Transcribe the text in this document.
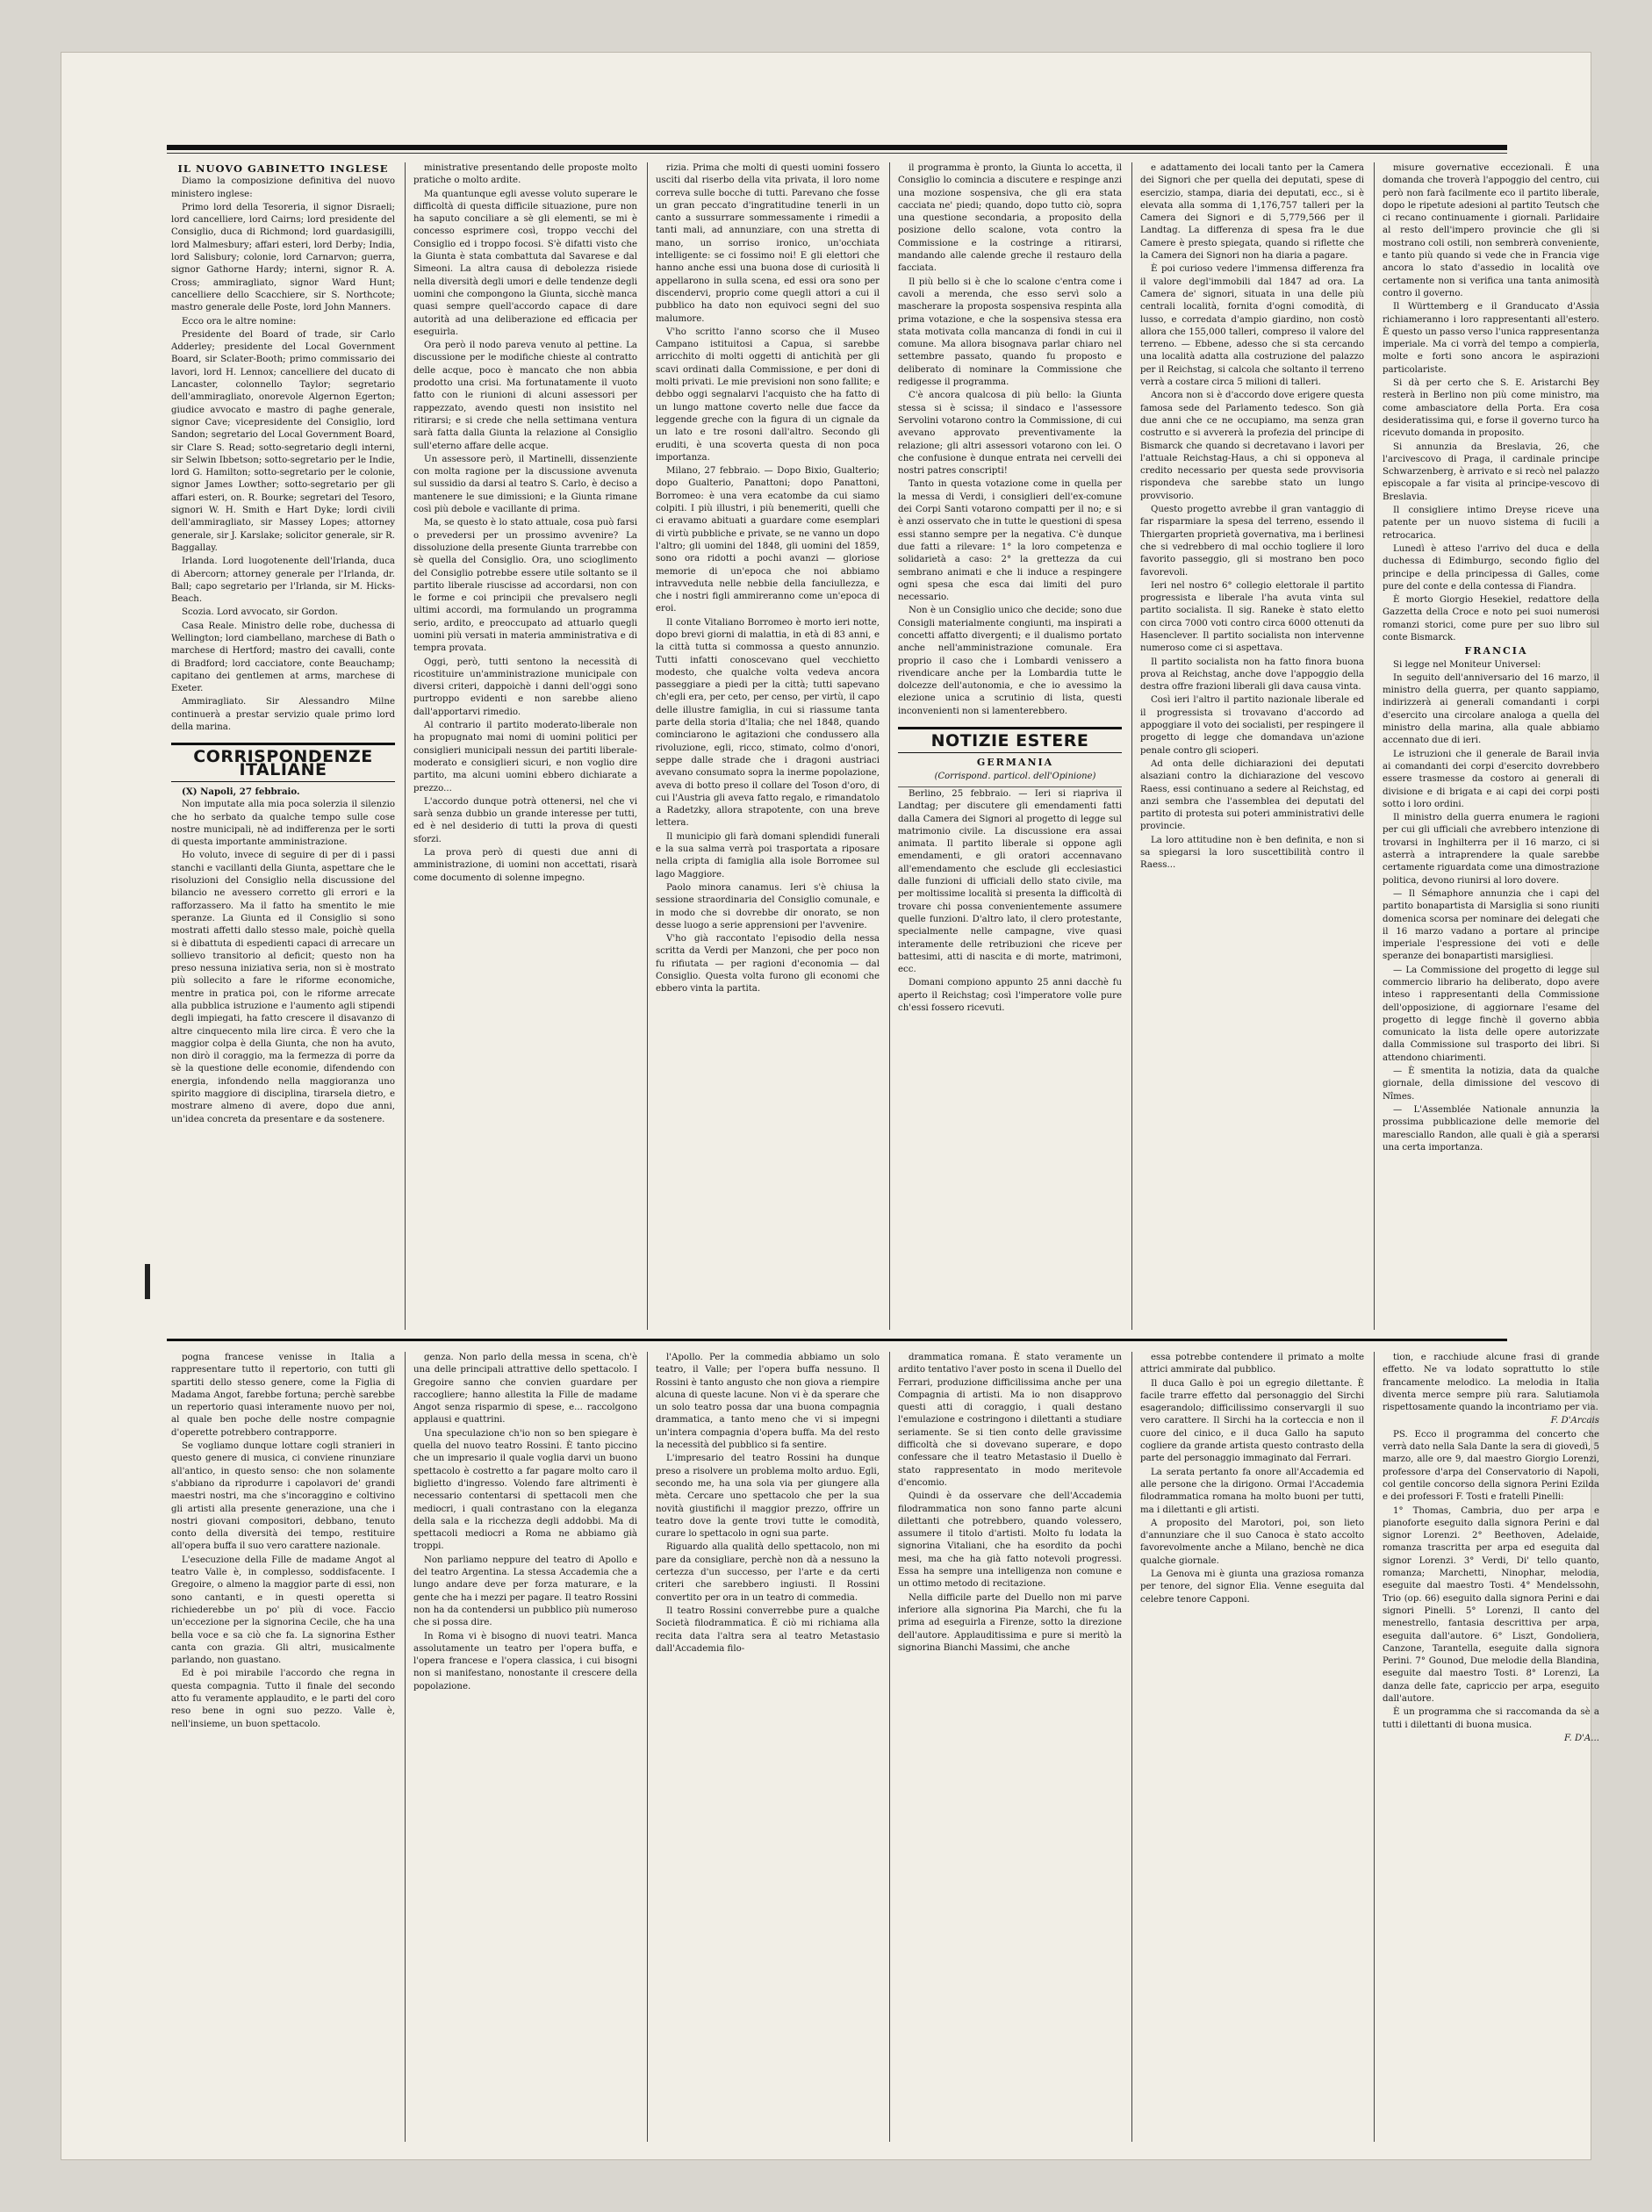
IL NUOVO GABINETTO INGLESE

Diamo la composizione definitiva del nuovo ministero inglese:

Primo lord della Tesoreria, il signor Disraeli; lord cancelliere, lord Cairns; lord presidente del Consiglio, duca di Richmond; lord guardasigilli, lord Malmesbury; affari esteri, lord Derby; India, lord Salisbury; colonie, lord Carnarvon; guerra, signor Gathorne Hardy; interni, signor R. A. Cross; ammiragliato, signor Ward Hunt; cancelliere dello Scacchiere, sir S. Northcote; mastro generale delle Poste, lord John Manners.

Ecco ora le altre nomine:

Presidente del Board of trade, sir Carlo Adderley; presidente del Local Government Board, sir Sclater-Booth; primo commissario dei lavori, lord H. Lennox; cancelliere del ducato di Lancaster, colonnello Taylor; segretario dell'ammiragliato, onorevole Algernon Egerton; giudice avvocato e mastro di paghe generale, signor Cave; vicepresidente del Consiglio, lord Sandon; segretario del Local Government Board, sir Clare S. Read; sotto-segretario degli interni, sir Selwin Ibbetson; sotto-segretario per le Indie, lord G. Hamilton; sotto-segretario per le colonie, signor James Lowther; sotto-segretario per gli affari esteri, on. R. Bourke; segretari del Tesoro, signori W. H. Smith e Hart Dyke; lordi civili dell'ammiragliato, sir Massey Lopes; attorney generale, sir J. Karslake; solicitor generale, sir R. Baggallay.

Irlanda. Lord luogotenente dell'Irlanda, duca di Abercorn; attorney generale per l'Irlanda, dr. Ball; capo segretario per l'Irlanda, sir M. Hicks-Beach.

Scozia. Lord avvocato, sir Gordon.

Casa Reale. Ministro delle robe, duchessa di Wellington; lord ciambellano, marchese di Bath o marchese di Hertford; mastro dei cavalli, conte di Bradford; lord cacciatore, conte Beauchamp; capitano dei gentlemen at arms, marchese di Exeter.

Ammiragliato. Sir Alessandro Milne continuerà a prestar servizio quale primo lord della marina.

CORRISPONDENZE ITALIANE

(X) Napoli, 27 febbraio.

Non imputate alla mia poca solerzia il silenzio che ho serbato da qualche tempo sulle cose nostre municipali, nè ad indifferenza per le sorti di questa importante amministrazione.

Ho voluto, invece di seguire di per di i passi stanchi e vacillanti della Giunta, aspettare che le risoluzioni del Consiglio nella discussione del bilancio ne avessero corretto gli errori e la rafforzassero. Ma il fatto ha smentito le mie speranze. La Giunta ed il Consiglio si sono mostrati affetti dallo stesso male, poichè quella si è dibattuta di espedienti capaci di arrecare un sollievo transitorio al deficit; questo non ha preso nessuna iniziativa seria, non si è mostrato più sollecito a fare le riforme economiche, mentre in pratica poi, con le riforme arrecate alla pubblica istruzione e l'aumento agli stipendi degli impiegati, ha fatto crescere il disavanzo di altre cinquecento mila lire circa. È vero che la maggior colpa è della Giunta, che non ha avuto, non dirò il coraggio, ma la fermezza di porre da sè la questione delle economie, difendendo con energia, infondendo nella maggioranza uno spirito maggiore di disciplina, tirarsela dietro, e mostrare almeno di avere, dopo due anni, un'idea concreta da presentare e da sostenere.

ministrative presentando delle proposte molto pratiche o molto ardite.

Ma quantunque egli avesse voluto superare le difficoltà di questa difficile situazione, pure non ha saputo conciliare a sè gli elementi, se mi è concesso esprimere così, troppo vecchi del Consiglio ed i troppo focosi. S'è difatti visto che la Giunta è stata combattuta dal Savarese e dal Simeoni. La altra causa di debolezza risiede nella diversità degli umori e delle tendenze degli uomini che compongono la Giunta, sicchè manca quasi sempre quell'accordo capace di dare autorità ad una deliberazione ed efficacia per eseguirla.

Ora però il nodo pareva venuto al pettine. La discussione per le modifiche chieste al contratto delle acque, poco è mancato che non abbia prodotto una crisi. Ma fortunatamente il vuoto fatto con le riunioni di alcuni assessori per rappezzato, avendo questi non insistito nel ritirarsi; e si crede che nella settimana ventura sarà fatta dalla Giunta la relazione al Consiglio sull'eterno affare delle acque.

Un assessore però, il Martinelli, dissenziente con molta ragione per la discussione avvenuta sul sussidio da darsi al teatro S. Carlo, è deciso a mantenere le sue dimissioni; e la Giunta rimane così più debole e vacillante di prima.

Ma, se questo è lo stato attuale, cosa può farsi o prevedersi per un prossimo avvenire? La dissoluzione della presente Giunta trarrebbe con sè quella del Consiglio. Ora, uno scioglimento del Consiglio potrebbe essere utile soltanto se il partito liberale riuscisse ad accordarsi, non con le forme e coi principii che prevalsero negli ultimi accordi, ma formulando un programma serio, ardito, e preoccupato ad attuarlo quegli uomini più versati in materia amministrativa e di tempra provata.

Oggi, però, tutti sentono la necessità di ricostituire un'amministrazione municipale con diversi criteri, dappoichè i danni dell'oggi sono purtroppo evidenti e non sarebbe alieno dall'apportarvi rimedio.

Al contrario il partito moderato-liberale non ha propugnato mai nomi di uomini politici per consiglieri municipali nessun dei partiti liberale-moderato e consiglieri sicuri, e non voglio dire partito, ma alcuni uomini ebbero dichiarate a prezzo...

L'accordo dunque potrà ottenersi, nel che vi sarà senza dubbio un grande interesse per tutti, ed è nel desiderio di tutti la prova di questi sforzi.

La prova però di questi due anni di amministrazione, di uomini non accettati, risarà come documento di solenne impegno.

rizia. Prima che molti di questi uomini fossero usciti dal riserbo della vita privata, il loro nome correva sulle bocche di tutti. Parevano che fosse un gran peccato d'ingratitudine tenerli in un canto a sussurrare sommessamente i rimedii a tanti mali, ad annunziare, con una stretta di mano, un sorriso ironico, un'occhiata intelligente: se ci fossimo noi! E gli elettori che hanno anche essi una buona dose di curiosità li appellarono in sulla scena, ed essi ora sono per discendervi, proprio come quegli attori a cui il pubblico ha dato non equivoci segni del suo malumore.

V'ho scritto l'anno scorso che il Museo Campano istituitosi a Capua, si sarebbe arricchito di molti oggetti di antichità per gli scavi ordinati dalla Commissione, e per doni di molti privati. Le mie previsioni non sono fallite; e debbo oggi segnalarvi l'acquisto che ha fatto di un lungo mattone coverto nelle due facce da leggende greche con la figura di un cignale da un lato e tre rosoni dall'altro. Secondo gli eruditi, è una scoverta questa di non poca importanza.

Milano, 27 febbraio. — Dopo Bixio, Gualterio; dopo Gualterio, Panattoni; dopo Panattoni, Borromeo: è una vera ecatombe da cui siamo colpiti. I più illustri, i più benemeriti, quelli che ci eravamo abituati a guardare come esemplari di virtù pubbliche e private, se ne vanno un dopo l'altro; gli uomini del 1848, gli uomini del 1859, sono ora ridotti a pochi avanzi — gloriose memorie di un'epoca che noi abbiamo intravveduta nelle nebbie della fanciullezza, e che i nostri figli ammireranno come un'epoca di eroi.

Il conte Vitaliano Borromeo è morto ieri notte, dopo brevi giorni di malattia, in età di 83 anni, e la città tutta si commossa a questo annunzio. Tutti infatti conoscevano quel vecchietto modesto, che qualche volta vedeva ancora passeggiare a piedi per la città; tutti sapevano ch'egli era, per ceto, per censo, per virtù, il capo delle illustre famiglia, in cui si riassume tanta parte della storia d'Italia; che nel 1848, quando cominciarono le agitazioni che condussero alla rivoluzione, egli, ricco, stimato, colmo d'onori, seppe dalle strade che i dragoni austriaci avevano consumato sopra la inerme popolazione, aveva di botto preso il collare del Toson d'oro, di cui l'Austria gli aveva fatto regalo, e rimandatolo a Radetzky, allora strapotente, con una breve lettera.

Il municipio gli farà domani splendidi funerali e la sua salma verrà poi trasportata a riposare nella cripta di famiglia alla isole Borromee sul lago Maggiore.

Paolo minora canamus. Ieri s'è chiusa la sessione straordinaria del Consiglio comunale, e in modo che si dovrebbe dir onorato, se non desse luogo a serie apprensioni per l'avvenire.

V'ho già raccontato l'episodio della nessa scritta da Verdi per Manzoni, che per poco non fu rifiutata — per ragioni d'economia — dal Consiglio. Questa volta furono gli economi che ebbero vinta la partita.

il programma è pronto, la Giunta lo accetta, il Consiglio lo comincia a discutere e respinge anzi una mozione sospensiva, che gli era stata cacciata ne' piedi; quando, dopo tutto ciò, sopra una questione secondaria, a proposito della posizione dello scalone, vota contro la Commissione e la costringe a ritirarsi, mandando alle calende greche il restauro della facciata.

Il più bello si è che lo scalone c'entra come i cavoli a merenda, che esso servì solo a mascherare la proposta sospensiva respinta alla prima votazione, e che la sospensiva stessa era stata motivata colla mancanza di fondi in cui il comune. Ma allora bisognava parlar chiaro nel settembre passato, quando fu proposto e deliberato di nominare la Commissione che redigesse il programma.

C'è ancora qualcosa di più bello: la Giunta stessa si è scissa; il sindaco e l'assessore Servolini votarono contro la Commissione, di cui avevano approvato preventivamente la relazione; gli altri assessori votarono con lei. O che confusione è dunque entrata nei cervelli dei nostri patres conscripti!

Tanto in questa votazione come in quella per la messa di Verdi, i consiglieri dell'ex-comune dei Corpi Santi votarono compatti per il no; e si è anzi osservato che in tutte le questioni di spesa essi stanno sempre per la negativa. C'è dunque due fatti a rilevare: 1° la loro competenza e solidarietà a caso: 2° la grettezza da cui sembrano animati e che li induce a respingere ogni spesa che esca dai limiti del puro necessario.

Non è un Consiglio unico che decide; sono due Consigli materialmente congiunti, ma inspirati a concetti affatto divergenti; e il dualismo portato anche nell'amministrazione comunale. Era proprio il caso che i Lombardi venissero a rivendicare anche per la Lombardia tutte le dolcezze dell'autonomia, e che io avessimo la elezione unica a scrutinio di lista, questi inconvenienti non si lamenterebbero.

NOTIZIE ESTERE

GERMANIA

(Corrispond. particol. dell'Opinione)

Berlino, 25 febbraio. — Ieri si riapriva il Landtag; per discutere gli emendamenti fatti dalla Camera dei Signori al progetto di legge sul matrimonio civile. La discussione era assai animata. Il partito liberale si oppone agli emendamenti, e gli oratori accennavano all'emendamento che esclude gli ecclesiastici dalle funzioni di ufficiali dello stato civile, ma per moltissime località si presenta la difficoltà di trovare chi possa convenientemente assumere quelle funzioni. D'altro lato, il clero protestante, specialmente nelle campagne, vive quasi interamente delle retribuzioni che riceve per battesimi, atti di nascita e di morte, matrimoni, ecc.

Domani compiono appunto 25 anni dacchè fu aperto il Reichstag; così l'imperatore volle pure ch'essi fossero ricevuti.

e adattamento dei locali tanto per la Camera dei Signori che per quella dei deputati, spese di esercizio, stampa, diaria dei deputati, ecc., si è elevata alla somma di 1,176,757 talleri per la Camera dei Signori e di 5,779,566 per il Landtag. La differenza di spesa fra le due Camere è presto spiegata, quando si riflette che la Camera dei Signori non ha diaria a pagare.

È poi curioso vedere l'immensa differenza fra il valore degl'immobili dal 1847 ad ora. La Camera de' signori, situata in una delle più centrali località, fornita d'ogni comodità, di lusso, e corredata d'ampio giardino, non costò allora che 155,000 talleri, compreso il valore del terreno. — Ebbene, adesso che si sta cercando una località adatta alla costruzione del palazzo per il Reichstag, si calcola che soltanto il terreno verrà a costare circa 5 milioni di talleri.

Ancora non si è d'accordo dove erigere questa famosa sede del Parlamento tedesco. Son già due anni che ce ne occupiamo, ma senza gran costrutto e si avvererà la profezia del principe di Bismarck che quando si decretavano i lavori per l'attuale Reichstag-Haus, a chi si opponeva al credito necessario per questa sede provvisoria rispondeva che sarebbe stato un lungo provvisorio.

Questo progetto avrebbe il gran vantaggio di far risparmiare la spesa del terreno, essendo il Thiergarten proprietà governativa, ma i berlinesi che si vedrebbero di mal occhio togliere il loro favorito passeggio, gli si mostrano ben poco favorevoli.

Ieri nel nostro 6° collegio elettorale il partito progressista e liberale l'ha avuta vinta sul partito socialista. Il sig. Raneke è stato eletto con circa 7000 voti contro circa 6000 ottenuti da Hasenclever. Il partito socialista non intervenne numeroso come ci si aspettava.

Il partito socialista non ha fatto finora buona prova al Reichstag, anche dove l'appoggio della destra offre frazioni liberali gli dava causa vinta.

Così ieri l'altro il partito nazionale liberale ed il progressista si trovavano d'accordo ad appoggiare il voto dei socialisti, per respingere il progetto di legge che domandava un'azione penale contro gli scioperi.

Ad onta delle dichiarazioni dei deputati alsaziani contro la dichiarazione del vescovo Raess, essi continuano a sedere al Reichstag, ed anzi sembra che l'assemblea dei deputati del partito di protesta sui poteri amministrativi delle provincie.

La loro attitudine non è ben definita, e non si sa spiegarsi la loro suscettibilità contro il Raess...

misure governative eccezionali. È una domanda che troverà l'appoggio del centro, cui però non farà facilmente eco il partito liberale, dopo le ripetute adesioni al partito Teutsch che ci recano continuamente i giornali. Parlidaire al resto dell'impero provincie che gli si mostrano coli ostili, non sembrerà conveniente, e tanto più quando si vede che in Francia vige ancora lo stato d'assedio in località ove certamente non si verifica una tanta animosità contro il governo.

Il Württemberg e il Granducato d'Assia richiameranno i loro rappresentanti all'estero. È questo un passo verso l'unica rappresentanza imperiale. Ma ci vorrà del tempo a compierla, molte e forti sono ancora le aspirazioni particolariste.

Si dà per certo che S. E. Aristarchi Bey resterà in Berlino non più come ministro, ma come ambasciatore della Porta. Era cosa desideratissima qui, e forse il governo turco ha ricevuto domanda in proposito.

Si annunzia da Breslavia, 26, che l'arcivescovo di Praga, il cardinale principe Schwarzenberg, è arrivato e si recò nel palazzo episcopale a far visita al principe-vescovo di Breslavia.

Il consigliere intimo Dreyse riceve una patente per un nuovo sistema di fucili a retrocarica.

Lunedì è atteso l'arrivo del duca e della duchessa di Edimburgo, secondo figlio del principe e della principessa di Galles, come pure del conte e della contessa di Fiandra.

È morto Giorgio Hesekiel, redattore della Gazzetta della Croce e noto pei suoi numerosi romanzi storici, come pure per suo libro sul conte Bismarck.

FRANCIA

Si legge nel Moniteur Universel:

In seguito dell'anniversario del 16 marzo, il ministro della guerra, per quanto sappiamo, indirizzerà ai generali comandanti i corpi d'esercito una circolare analoga a quella del ministro della marina, alla quale abbiamo accennato due di ieri.

Le istruzioni che il generale de Barail invia ai comandanti dei corpi d'esercito dovrebbero essere trasmesse da costoro ai generali di divisione e di brigata e ai capi dei corpi posti sotto i loro ordini.

Il ministro della guerra enumera le ragioni per cui gli ufficiali che avrebbero intenzione di trovarsi in Inghilterra per il 16 marzo, ci si asterrà a intraprendere la quale sarebbe certamente riguardata come una dimostrazione politica, devono riunirsi al loro dovere.

— Il Sémaphore annunzia che i capi del partito bonapartista di Marsiglia si sono riuniti domenica scorsa per nominare dei delegati che il 16 marzo vadano a portare al principe imperiale l'espressione dei voti e delle speranze dei bonapartisti marsigliesi.

— La Commissione del progetto di legge sul commercio librario ha deliberato, dopo avere inteso i rappresentanti della Commissione dell'opposizione, di aggiornare l'esame del progetto di legge finchè il governo abbia comunicato la lista delle opere autorizzate dalla Commissione sul trasporto dei libri. Si attendono chiarimenti.

— È smentita la notizia, data da qualche giornale, della dimissione del vescovo di Nîmes.

— L'Assemblée Nationale annunzia la prossima pubblicazione delle memorie del maresciallo Randon, alle quali è già a sperarsi una certa importanza.

pogna francese venisse in Italia a rappresentare tutto il repertorio, con tutti gli spartiti dello stesso genere, come la Figlia di Madama Angot, farebbe fortuna; perchè sarebbe un repertorio quasi interamente nuovo per noi, al quale ben poche delle nostre compagnie d'operette potrebbero contrapporre.

Se vogliamo dunque lottare cogli stranieri in questo genere di musica, ci conviene rinunziare all'antico, in questo senso: che non solamente s'abbiano da riprodurre i capolavori de' grandi maestri nostri, ma che s'incoraggino e coltivino gli artisti alla presente generazione, una che i nostri giovani compositori, debbano, tenuto conto della diversità dei tempo, restituire all'opera buffa il suo vero carattere nazionale.

L'esecuzione della Fille de madame Angot al teatro Valle è, in complesso, soddisfacente. I Gregoire, o almeno la maggior parte di essi, non sono cantanti, e in questi operetta si richiederebbe un po' più di voce. Faccio un'eccezione per la signorina Cecile, che ha una bella voce e sa ciò che fa. La signorina Esther canta con grazia. Gli altri, musicalmente parlando, non guastano.

Ed è poi mirabile l'accordo che regna in questa compagnia. Tutto il finale del secondo atto fu veramente applaudito, e le parti del coro reso bene in ogni suo pezzo. Valle è, nell'insieme, un buon spettacolo.

genza. Non parlo della messa in scena, ch'è una delle principali attrattive dello spettacolo. I Gregoire sanno che convien guardare per raccogliere; hanno allestita la Fille de madame Angot senza risparmio di spese, e... raccolgono applausi e quattrini.

Una speculazione ch'io non so ben spiegare è quella del nuovo teatro Rossini. È tanto piccino che un impresario il quale voglia darvi un buono spettacolo è costretto a far pagare molto caro il biglietto d'ingresso. Volendo fare altrimenti è necessario contentarsi di spettacoli men che mediocri, i quali contrastano con la eleganza della sala e la ricchezza degli addobbi. Ma di spettacoli mediocri a Roma ne abbiamo già troppi.

Non parliamo neppure del teatro di Apollo e del teatro Argentina. La stessa Accademia che a lungo andare deve per forza maturare, e la gente che ha i mezzi per pagare. Il teatro Rossini non ha da contendersi un pubblico più numeroso che si possa dire.

In Roma vi è bisogno di nuovi teatri. Manca assolutamente un teatro per l'opera buffa, e l'opera francese e l'opera classica, i cui bisogni non si manifestano, nonostante il crescere della popolazione.

l'Apollo. Per la commedia abbiamo un solo teatro, il Valle; per l'opera buffa nessuno. Il Rossini è tanto angusto che non giova a riempire alcuna di queste lacune. Non vi è da sperare che un solo teatro possa dar una buona compagnia drammatica, a tanto meno che vi si impegni un'intera compagnia d'opera buffa. Ma del resto la necessità del pubblico si fa sentire.

L'impresario del teatro Rossini ha dunque preso a risolvere un problema molto arduo. Egli, secondo me, ha una sola via per giungere alla mèta. Cercare uno spettacolo che per la sua novità giustifichi il maggior prezzo, offrire un teatro dove la gente trovi tutte le comodità, curare lo spettacolo in ogni sua parte.

Riguardo alla qualità dello spettacolo, non mi pare da consigliare, perchè non dà a nessuno la certezza d'un successo, per l'arte e da certi criteri che sarebbero ingiusti. Il Rossini convertito per ora in un teatro di commedia.

Il teatro Rossini converrebbe pure a qualche Società filodrammatica. È ciò mi richiama alla recita data l'altra sera al teatro Metastasio dall'Accademia filo-

drammatica romana. È stato veramente un ardito tentativo l'aver posto in scena il Duello del Ferrari, produzione difficilissima anche per una Compagnia di artisti. Ma io non disapprovo questi atti di coraggio, i quali destano l'emulazione e costringono i dilettanti a studiare seriamente. Se si tien conto delle gravissime difficoltà che si dovevano superare, e dopo confessare che il teatro Metastasio il Duello è stato rappresentato in modo meritevole d'encomio.

Quindi è da osservare che dell'Accademia filodrammatica non sono fanno parte alcuni dilettanti che potrebbero, quando volessero, assumere il titolo d'artisti. Molto fu lodata la signorina Vitaliani, che ha esordito da pochi mesi, ma che ha già fatto notevoli progressi. Essa ha sempre una intelligenza non comune e un ottimo metodo di recitazione.

Nella difficile parte del Duello non mi parve inferiore alla signorina Pia Marchi, che fu la prima ad eseguirla a Firenze, sotto la direzione dell'autore. Applauditissima e pure si meritò la signorina Bianchi Massimi, che anche

essa potrebbe contendere il primato a molte attrici ammirate dal pubblico.

Il duca Gallo è poi un egregio dilettante. È facile trarre effetto dal personaggio del Sirchi esagerandolo; difficilissimo conservargli il suo vero carattere. Il Sirchi ha la corteccia e non il cuore del cinico, e il duca Gallo ha saputo cogliere da grande artista questo contrasto della parte del personaggio immaginato dal Ferrari.

La serata pertanto fa onore all'Accademia ed alle persone che la dirigono. Ormai l'Accademia filodrammatica romana ha molto buoni per tutti, ma i dilettanti e gli artisti.

A proposito del Marotori, poi, son lieto d'annunziare che il suo Canoca è stato accolto favorevolmente anche a Milano, benchè ne dica qualche giornale.

La Genova mi è giunta una graziosa romanza per tenore, del signor Elia. Venne eseguita dal celebre tenore Capponi.

tion, e racchiude alcune frasi di grande effetto. Ne va lodato soprattutto lo stile francamente melodico. La melodia in Italia diventa merce sempre più rara. Salutiamola rispettosamente quando la incontriamo per via.

F. D'Arcais

PS. Ecco il programma del concerto che verrà dato nella Sala Dante la sera di giovedì, 5 marzo, alle ore 9, dal maestro Giorgio Lorenzi, professore d'arpa del Conservatorio di Napoli, col gentile concorso della signora Perini Ezilda e dei professori F. Tosti e fratelli Pinelli:

1° Thomas, Cambria, duo per arpa e pianoforte eseguito dalla signora Perini e dal signor Lorenzi. 2° Beethoven, Adelaide, romanza trascritta per arpa ed eseguita dal signor Lorenzi. 3° Verdi, Di' tello quanto, romanza; Marchetti, Ninophar, melodia, eseguite dal maestro Tosti. 4° Mendelssohn, Trio (op. 66) eseguito dalla signora Perini e dai signori Pinelli. 5° Lorenzi, Il canto del menestrello, fantasia descrittiva per arpa, eseguita dall'autore. 6° Liszt, Gondoliera, Canzone, Tarantella, eseguite dalla signora Perini. 7° Gounod, Due melodie della Blandina, eseguite dal maestro Tosti. 8° Lorenzi, La danza delle fate, capriccio per arpa, eseguito dall'autore.

È un programma che si raccomanda da sè a tutti i dilettanti di buona musica.

F. D'A...
